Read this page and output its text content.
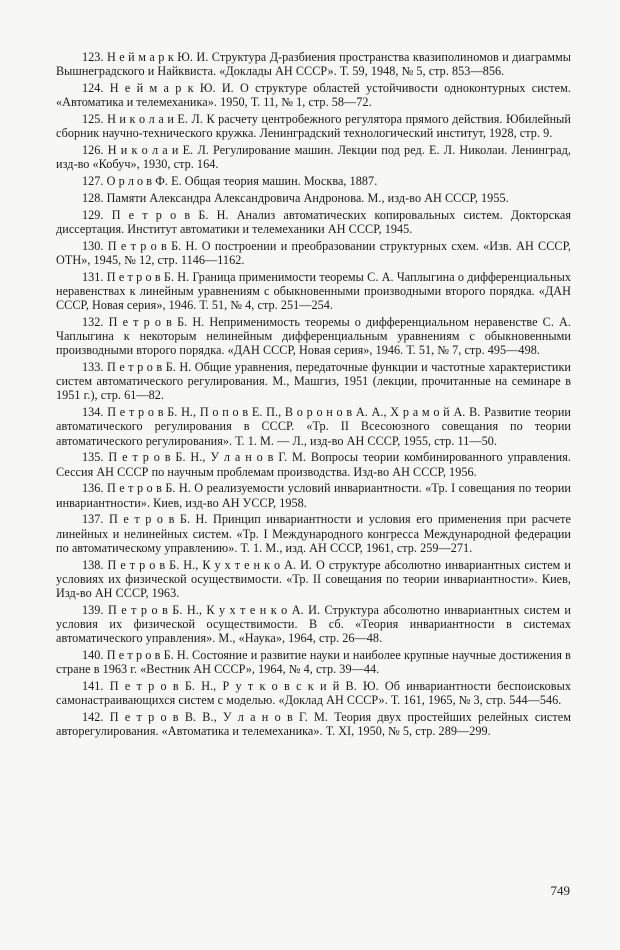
123. Н е й м а р к Ю. И. Структура Д-разбиения пространства квазиполиномов и диаграммы Вышнеградского и Найквиста. «Доклады АН СССР». Т. 59, 1948, № 5, стр. 853—856.

124. Н е й м а р к Ю. И. О структуре областей устойчивости одноконтурных систем. «Автоматика и телемеханика». 1950, Т. 11, № 1, стр. 58—72.

125. Н и к о л а и Е. Л. К расчету центробежного регулятора прямого действия. Юбилейный сборник научно-технического кружка. Ленинградский технологический институт, 1928, стр. 9.

126. Н и к о л а и Е. Л. Регулирование машин. Лекции под ред. Е. Л. Николаи. Ленинград, изд-во «Кобуч», 1930, стр. 164.

127. О р л о в Ф. Е. Общая теория машин. Москва, 1887.

128. Памяти Александра Александровича Андронова. М., изд-во АН СССР, 1955.

129. П е т р о в Б. Н. Анализ автоматических копировальных систем. Докторская диссертация. Институт автоматики и телемеханики АН СССР, 1945.

130. П е т р о в Б. Н. О построении и преобразовании структурных схем. «Изв. АН СССР, ОТН», 1945, № 12, стр. 1146—1162.

131. П е т р о в Б. Н. Граница применимости теоремы С. А. Чаплыгина о дифференциальных неравенствах к линейным уравнениям с обыкновенными производными второго порядка. «ДАН СССР, Новая серия», 1946. Т. 51, № 4, стр. 251—254.

132. П е т р о в Б. Н. Неприменимость теоремы о дифференциальном неравенстве С. А. Чаплыгина к некоторым нелинейным дифференциальным уравнениям с обыкновенными производными второго порядка. «ДАН СССР, Новая серия», 1946. Т. 51, № 7, стр. 495—498.

133. П е т р о в Б. Н. Общие уравнения, передаточные функции и частотные характеристики систем автоматического регулирования. М., Машгиз, 1951 (лекции, прочитанные на семинаре в 1951 г.), стр. 61—82.

134. П е т р о в Б. Н., П о п о в Е. П., В о р о н о в А. А., Х р а м о й А. В. Развитие теории автоматического регулирования в СССР. «Тр. II Всесоюзного совещания по теории автоматического регулирования». Т. 1. М. — Л., изд-во АН СССР, 1955, стр. 11—50.

135. П е т р о в Б. Н., У л а н о в Г. М. Вопросы теории комбинированного управления. Сессия АН СССР по научным проблемам производства. Изд-во АН СССР, 1956.

136. П е т р о в Б. Н. О реализуемости условий инвариантности. «Тр. I совещания по теории инвариантности». Киев, изд-во АН УССР, 1958.

137. П е т р о в Б. Н. Принцип инвариантности и условия его применения при расчете линейных и нелинейных систем. «Тр. I Международного конгресса Международной федерации по автоматическому управлению». Т. 1. М., изд. АН СССР, 1961, стр. 259—271.

138. П е т р о в Б. Н., К у х т е н к о А. И. О структуре абсолютно инвариантных систем и условиях их физической осуществимости. «Тр. II совещания по теории инвариантности». Киев, Изд-во АН СССР, 1963.

139. П е т р о в Б. Н., К у х т е н к о А. И. Структура абсолютно инвариантных систем и условия их физической осуществимости. В сб. «Теория инвариантности в системах автоматического управления». М., «Наука», 1964, стр. 26—48.

140. П е т р о в Б. Н. Состояние и развитие науки и наиболее крупные научные достижения в стране в 1963 г. «Вестник АН СССР», 1964, № 4, стр. 39—44.

141. П е т р о в Б. Н., Р у т к о в с к и й В. Ю. Об инвариантности беспоисковых самонастраивающихся систем с моделью. «Доклад АН СССР». Т. 161, 1965, № 3, стр. 544—546.

142. П е т р о в В. В., У л а н о в Г. М. Теория двух простейших релейных систем авторегулирования. «Автоматика и телемеханика». Т. XI, 1950, № 5, стр. 289—299.

749
